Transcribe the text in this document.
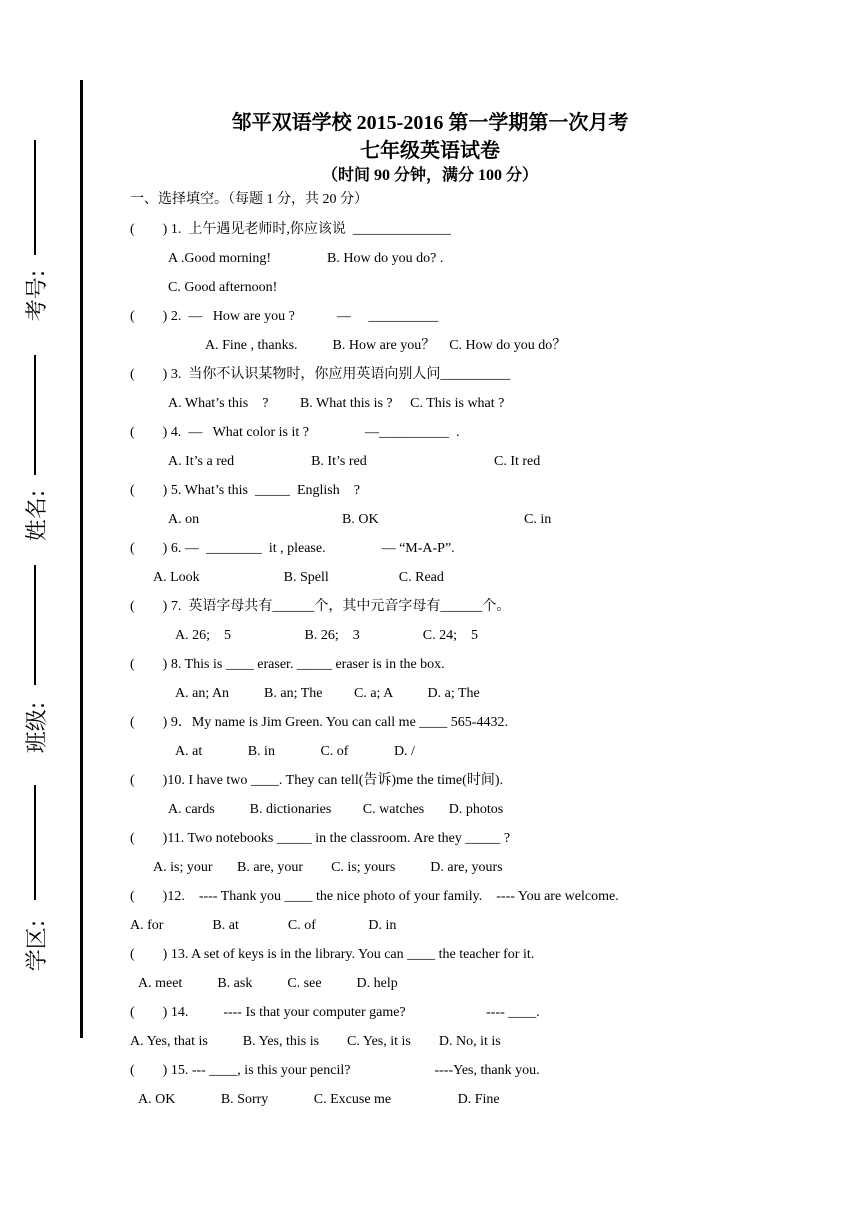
考号:
姓名:
班级:
学区:
邹平双语学校 2015-2016 第一学期第一次月考
七年级英语试卷
（时间 90 分钟，满分 100 分）
一、选择填空。（每题 1 分，共 20 分）
(        ) 1.  上午遇见老师时,你应该说  ______________
A .Good morning!                B. How do you do? .
C. Good afternoon!
(        ) 2.  ―   How are you ?            ―     __________
A. Fine , thanks.          B. How are you？    C. How do you do？
(        ) 3.  当你不认识某物时，你应用英语向别人问__________
A. What’s this    ?         B. What this is ?     C. This is what ?
(        ) 4.  ―   What color is it ?                ―__________  .
A. It’s a red                      B. It’s red	C. It red
(        ) 5. What’s this  _____  English    ?
A. on	B. OK	C. in
(        ) 6. ―  ________  it , please.                ― “M-A-P”.
A. Look                        B. Spell                    C. Read
(        ) 7.  英语字母共有______个，其中元音字母有______个。
A. 26;    5                     B. 26;    3                  C. 24;    5
(        ) 8. This is ____ eraser. _____ eraser is in the box.
A. an; An          B. an; The         C. a; A          D. a; The
(        ) 9．My name is Jim Green. You can call me ____ 565-4432.
A. at             B. in             C. of             D. /
(        )10. I have two ____. They can tell(告诉)me the time(时间).
A. cards          B. dictionaries         C. watches       D. photos
(        )11. Two notebooks _____ in the classroom. Are they _____ ?
A. is; your       B. are, your        C. is; yours          D. are, yours
(        )12.    ---- Thank you ____ the nice photo of your family.    ---- You are welcome.
A. for              B. at              C. of               D. in
(        ) 13. A set of keys is in the library. You can ____ the teacher for it.
A. meet          B. ask          C. see          D. help
(        ) 14.          ---- Is that your computer game?                       ---- ____.
A. Yes, that is          B. Yes, this is        C. Yes, it is        D. No, it is
(        ) 15. --- ____, is this your pencil?                        ----Yes, thank you.
A. OK             B. Sorry             C. Excuse me                   D. Fine
